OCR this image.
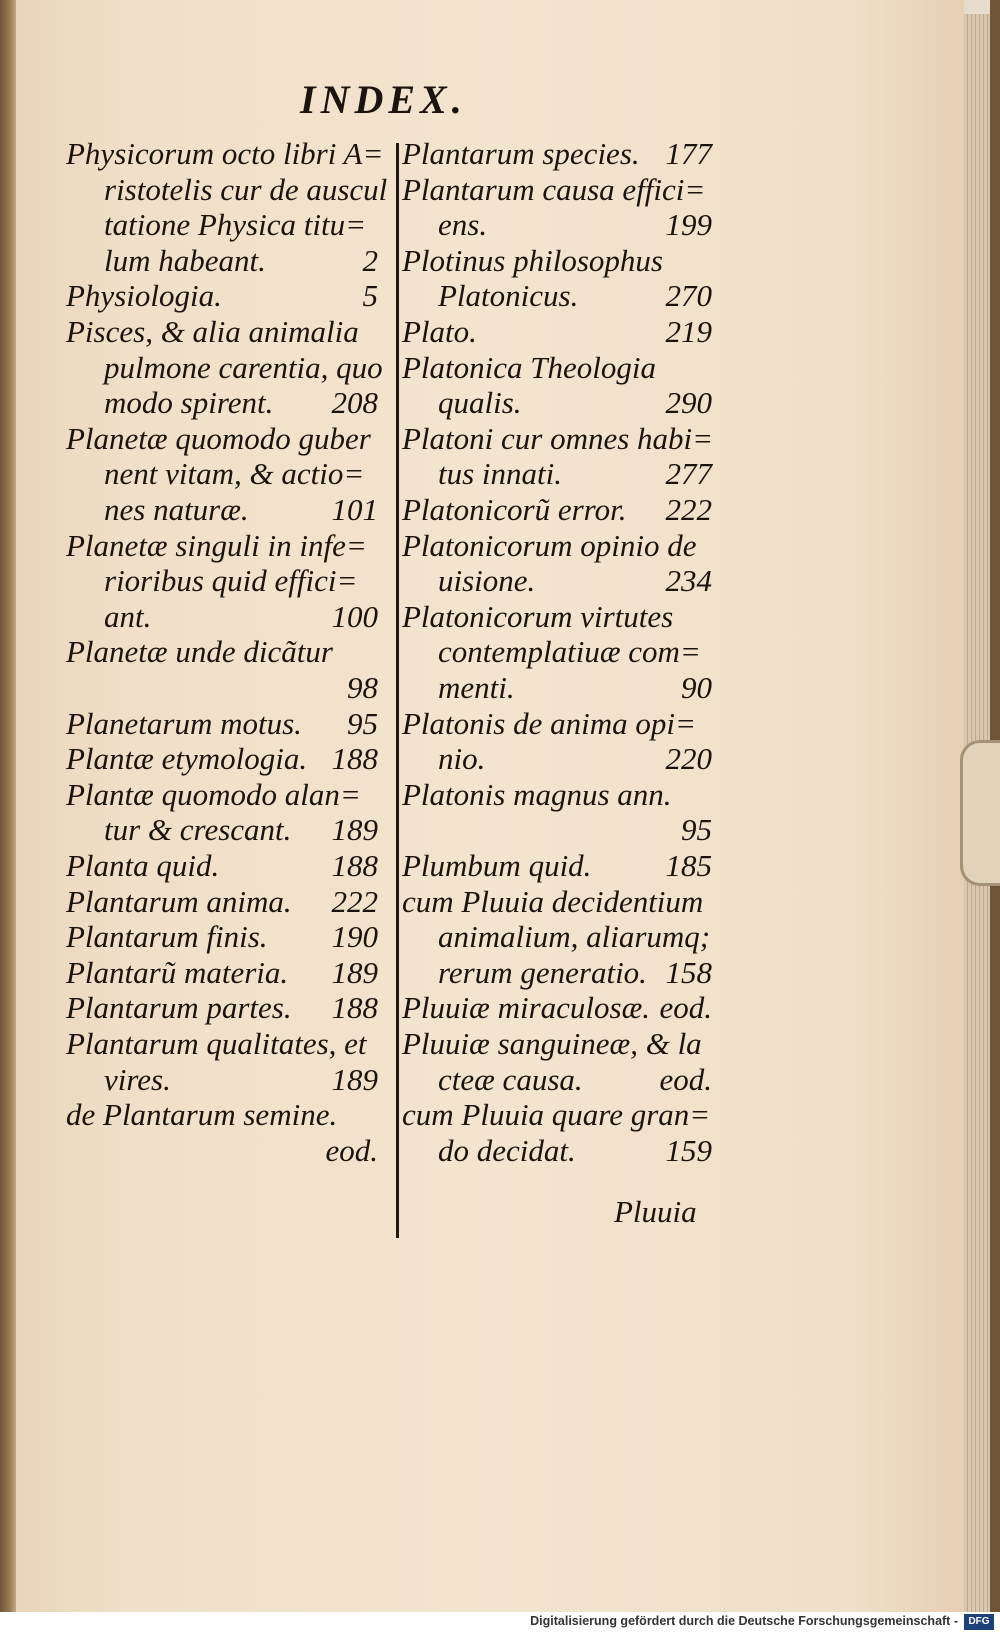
INDEX.
Physicorum octo libri A=
ristotelis cur de auscul
tatione Physica titu=
lum habeant.	2
Physiologia.	5
Pisces, & alia animalia
pulmone carentia, quo
modo spirent.	208
Planetæ quomodo guber
nent vitam, & actio=
nes naturæ.	101
Planetæ singuli in infe=
rioribus quid effici=
ant.	100
Planetæ unde dicãtur
98
Planetarum motus.	95
Plantæ etymologia. 188
Plantæ quomodo alan=
tur & crescant.	189
Planta quid.	188
Plantarum anima.	222
Plantarum finis.	190
Plantarũ materia.	189
Plantarum partes.	188
Plantarum qualitates, et
vires.	189
de Plantarum semine.
eod.
Plantarum species. 177
Plantarum causa effici=
ens.	199
Plotinus philosophus
Platonicus.	270
Plato.	219
Platonica Theologia
qualis.	290
Platoni cur omnes habi=
tus innati.	277
Platonicorũ error.	222
Platonicorum opinio de
uisione.	234
Platonicorum virtutes
contemplatiuæ com=
menti.	90
Platonis de anima opi=
nio.	220
Platonis magnus ann.
95
Plumbum quid.	185
cum Pluuia decidentium
animalium, aliarumq;
rerum generatio. 158
Pluuiæ miraculosæ. eod.
Pluuiæ sanguineæ, & la
cteæ causa.	eod.
cum Pluuia quare gran=
do decidat.	159
Pluuia
Digitalisierung gefördert durch die Deutsche Forschungsgemeinschaft -	DFG
